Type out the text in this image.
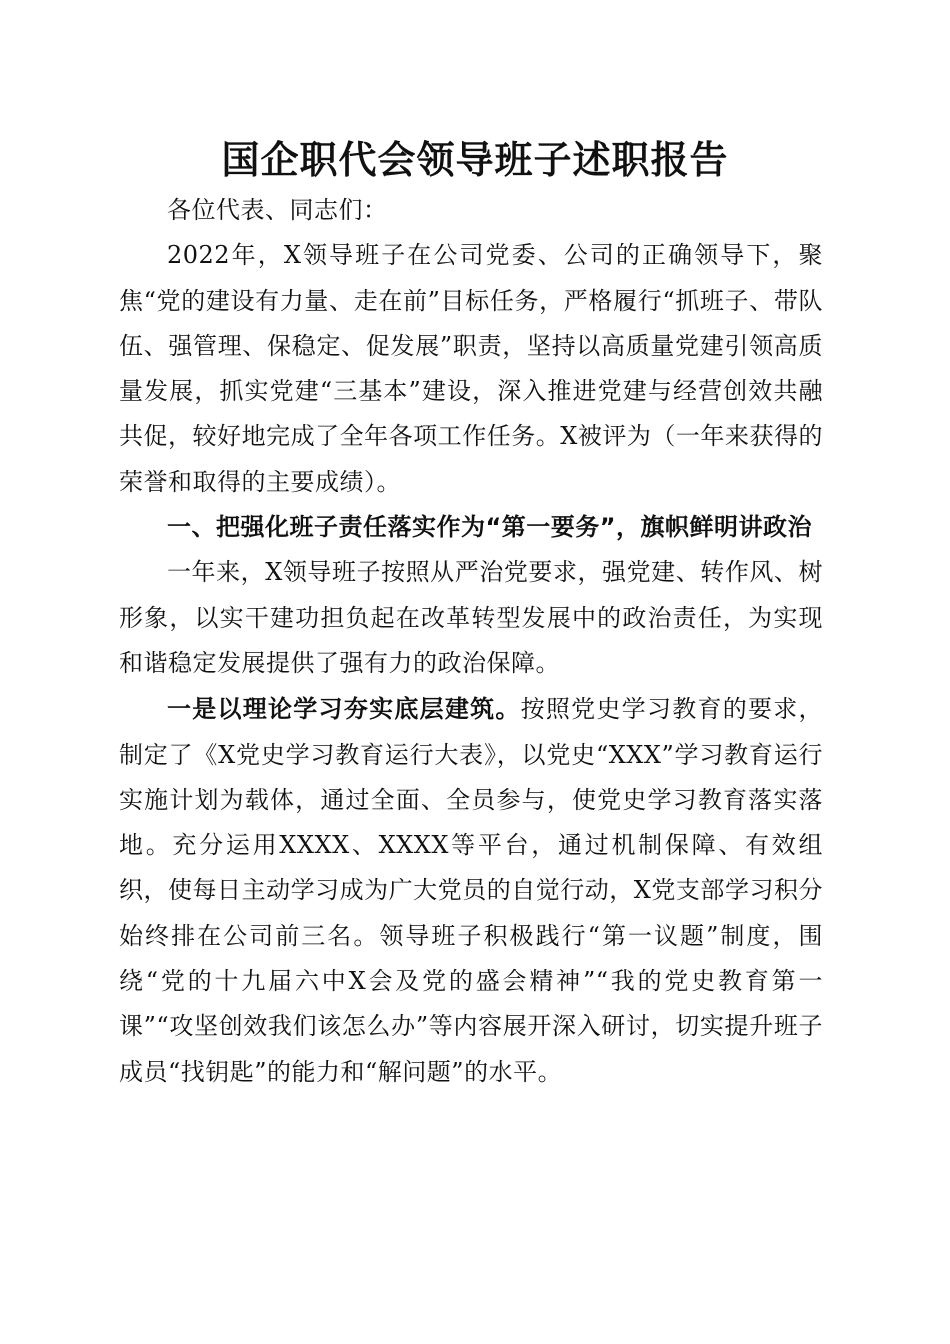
国企职代会领导班子述职报告

各位代表、同志们：

2022年，X领导班子在公司党委、公司的正确领导下，聚焦“党的建设有力量、走在前”目标任务，严格履行“抓班子、带队伍、强管理、保稳定、促发展”职责，坚持以高质量党建引领高质量发展，抓实党建“三基本”建设，深入推进党建与经营创效共融共促，较好地完成了全年各项工作任务。X被评为（一年来获得的荣誉和取得的主要成绩）。

一、把强化班子责任落实作为“第一要务”，旗帜鲜明讲政治

一年来，X领导班子按照从严治党要求，强党建、转作风、树形象，以实干建功担负起在改革转型发展中的政治责任，为实现和谐稳定发展提供了强有力的政治保障。

一是以理论学习夯实底层建筑。按照党史学习教育的要求，制定了《X党史学习教育运行大表》，以党史“XXX”学习教育运行实施计划为载体，通过全面、全员参与，使党史学习教育落实落地。充分运用XXXX、XXXX等平台，通过机制保障、有效组织，使每日主动学习成为广大党员的自觉行动，X党支部学习积分始终排在公司前三名。领导班子积极践行“第一议题”制度，围绕“党的十九届六中X会及党的盛会精神”“我的党史教育第一课”“攻坚创效我们该怎么办”等内容展开深入研讨，切实提升班子成员“找钥匙”的能力和“解问题”的水平。
